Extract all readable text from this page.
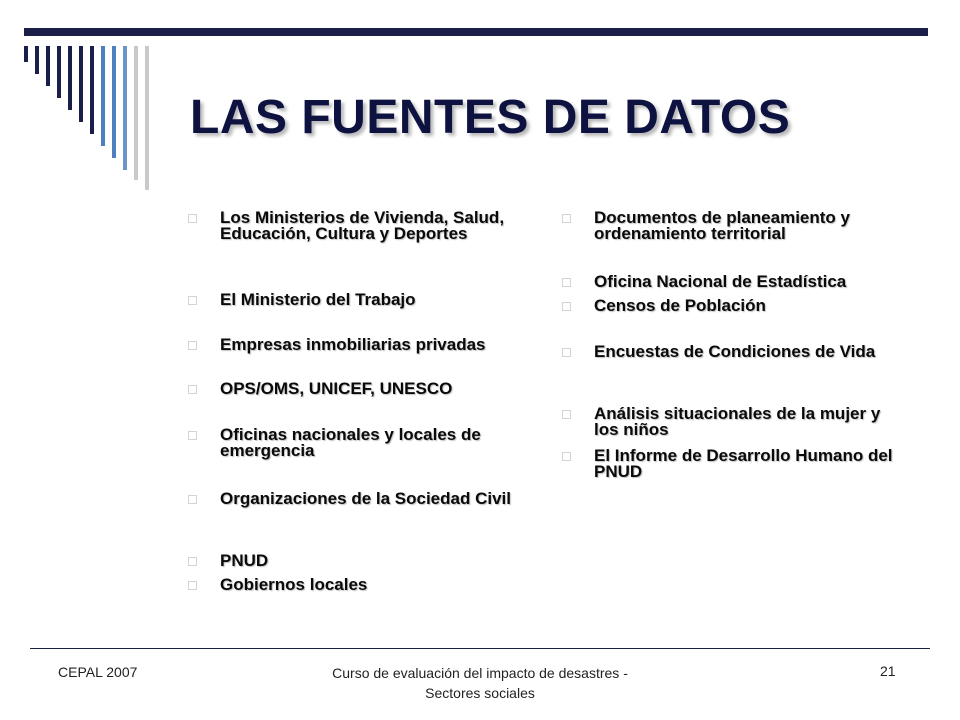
LAS FUENTES DE DATOS
Los Ministerios de Vivienda, Salud, Educación, Cultura y Deportes
El Ministerio del Trabajo
Empresas inmobiliarias privadas
OPS/OMS, UNICEF, UNESCO
Oficinas nacionales y locales de emergencia
Organizaciones de la Sociedad Civil
PNUD
Gobiernos locales
Documentos de planeamiento y ordenamiento territorial
Oficina Nacional de Estadística
Censos de Población
Encuestas de Condiciones de Vida
Análisis situacionales de la mujer y los niños
El Informe de Desarrollo Humano del PNUD
CEPAL 2007	Curso de evaluación del impacto de desastres - Sectores sociales
21
